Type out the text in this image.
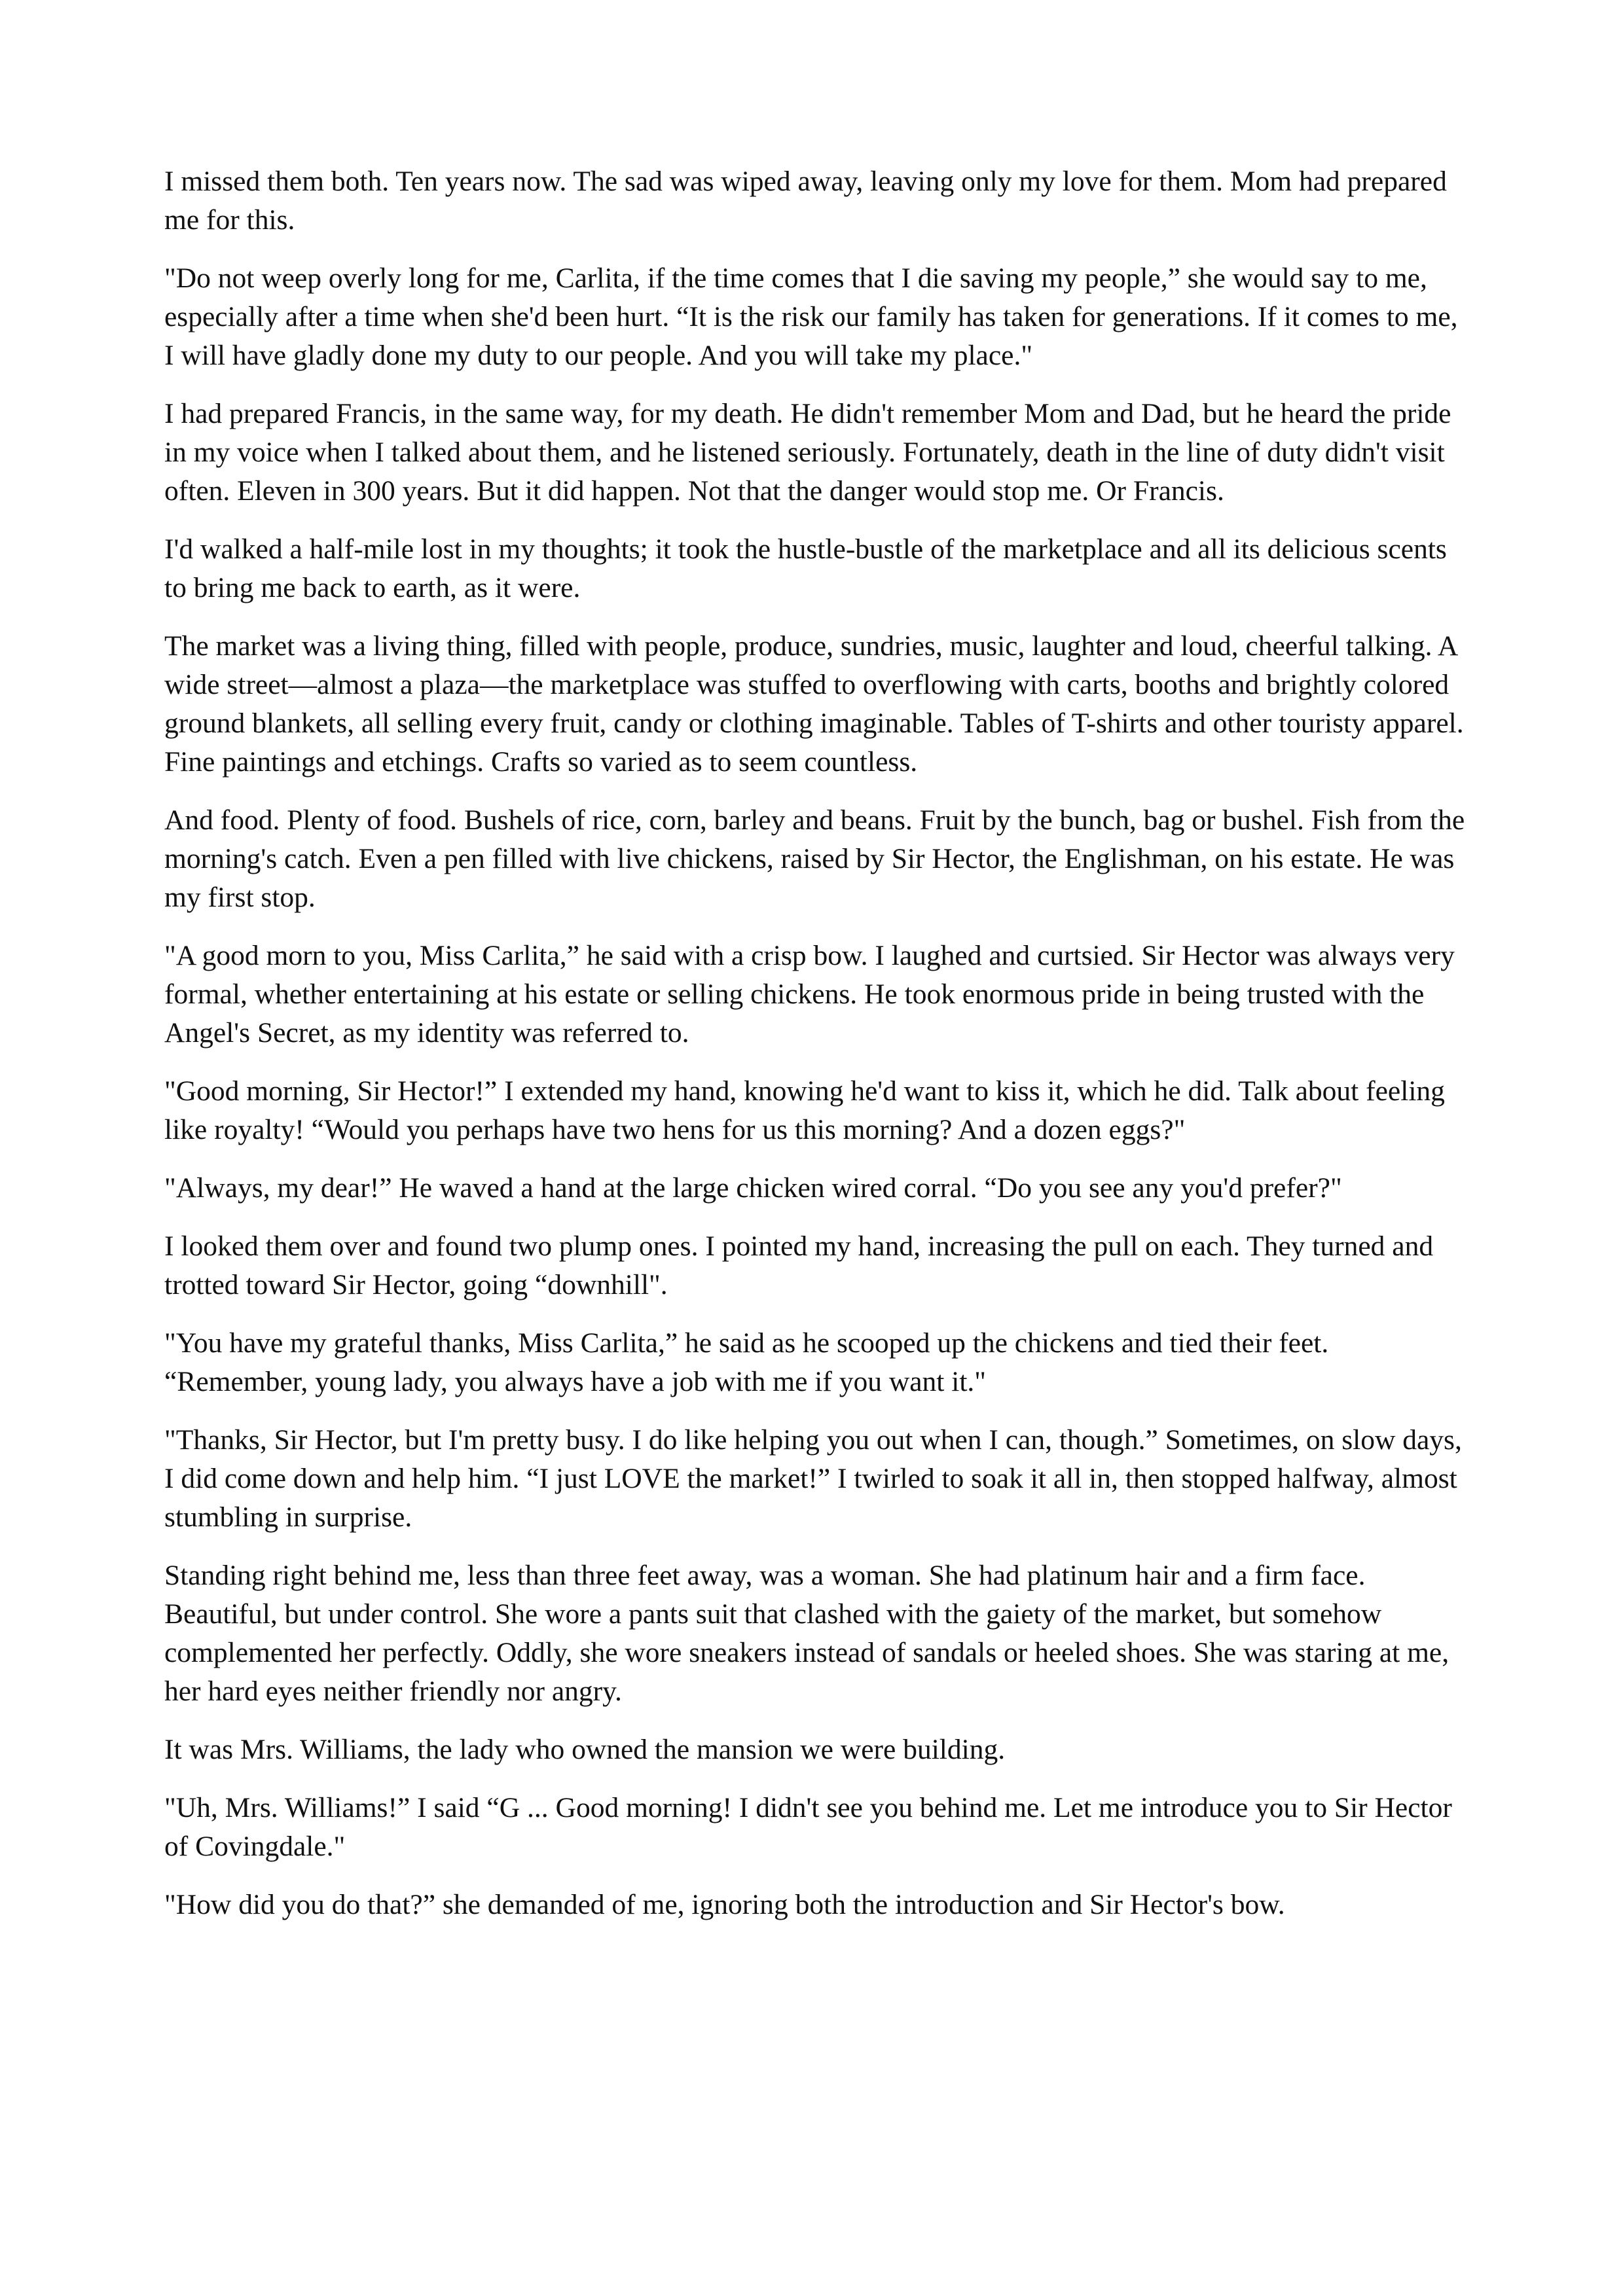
I missed them both. Ten years now. The sad was wiped away, leaving only my love for them. Mom had prepared me for this.

"Do not weep overly long for me, Carlita, if the time comes that I die saving my people,” she would say to me, especially after a time when she'd been hurt. “It is the risk our family has taken for generations. If it comes to me, I will have gladly done my duty to our people. And you will take my place."

I had prepared Francis, in the same way, for my death. He didn't remember Mom and Dad, but he heard the pride in my voice when I talked about them, and he listened seriously. Fortunately, death in the line of duty didn't visit often. Eleven in 300 years. But it did happen. Not that the danger would stop me. Or Francis.

I'd walked a half-mile lost in my thoughts; it took the hustle-bustle of the marketplace and all its delicious scents to bring me back to earth, as it were.

The market was a living thing, filled with people, produce, sundries, music, laughter and loud, cheerful talking. A wide street—almost a plaza—the marketplace was stuffed to overflowing with carts, booths and brightly colored ground blankets, all selling every fruit, candy or clothing imaginable. Tables of T-shirts and other touristy apparel. Fine paintings and etchings. Crafts so varied as to seem countless.

And food. Plenty of food. Bushels of rice, corn, barley and beans. Fruit by the bunch, bag or bushel. Fish from the morning's catch. Even a pen filled with live chickens, raised by Sir Hector, the Englishman, on his estate. He was my first stop.

"A good morn to you, Miss Carlita,” he said with a crisp bow. I laughed and curtsied. Sir Hector was always very formal, whether entertaining at his estate or selling chickens. He took enormous pride in being trusted with the Angel's Secret, as my identity was referred to.

"Good morning, Sir Hector!” I extended my hand, knowing he'd want to kiss it, which he did. Talk about feeling like royalty! “Would you perhaps have two hens for us this morning? And a dozen eggs?"

"Always, my dear!” He waved a hand at the large chicken wired corral. “Do you see any you'd prefer?"

I looked them over and found two plump ones. I pointed my hand, increasing the pull on each. They turned and trotted toward Sir Hector, going “downhill".

"You have my grateful thanks, Miss Carlita,” he said as he scooped up the chickens and tied their feet. “Remember, young lady, you always have a job with me if you want it."

"Thanks, Sir Hector, but I'm pretty busy. I do like helping you out when I can, though.” Sometimes, on slow days, I did come down and help him. “I just LOVE the market!” I twirled to soak it all in, then stopped halfway, almost stumbling in surprise.

Standing right behind me, less than three feet away, was a woman. She had platinum hair and a firm face. Beautiful, but under control. She wore a pants suit that clashed with the gaiety of the market, but somehow complemented her perfectly. Oddly, she wore sneakers instead of sandals or heeled shoes. She was staring at me, her hard eyes neither friendly nor angry.

It was Mrs. Williams, the lady who owned the mansion we were building.

"Uh, Mrs. Williams!” I said “G ... Good morning! I didn't see you behind me. Let me introduce you to Sir Hector of Covingdale."

"How did you do that?” she demanded of me, ignoring both the introduction and Sir Hector's bow.
